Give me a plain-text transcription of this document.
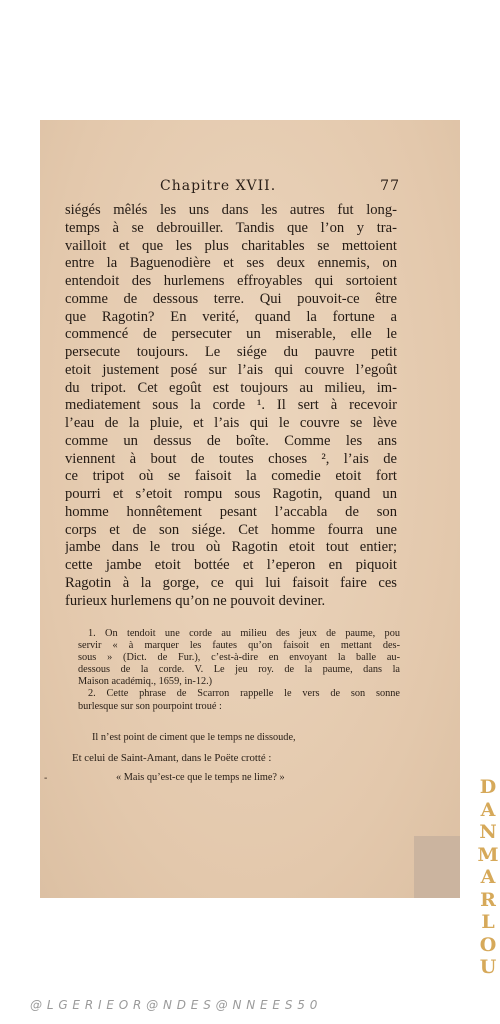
Chapitre XVII.	77
siégés mêlés les uns dans les autres fut long-
temps à se debrouiller. Tandis que l’on y tra-
vailloit et que les plus charitables se mettoient
entre la Baguenodière et ses deux ennemis, on
entendoit des hurlemens effroyables qui sortoient
comme de dessous terre. Qui pouvoit-ce être
que Ragotin? En verité, quand la fortune a
commencé de persecuter un miserable, elle le
persecute toujours. Le siége du pauvre petit
etoit justement posé sur l’ais qui couvre l’egoût
du tripot. Cet egoût est toujours au milieu, im-
mediatement sous la corde ¹. Il sert à recevoir
l’eau de la pluie, et l’ais qui le couvre se lève
comme un dessus de boîte. Comme les ans
viennent à bout de toutes choses ², l’ais de
ce tripot où se faisoit la comedie etoit fort
pourri et s’etoit rompu sous Ragotin, quand un
homme honnêtement pesant l’accabla de son
corps et de son siége. Cet homme fourra une
jambe dans le trou où Ragotin etoit tout entier;
cette jambe etoit bottée et l’eperon en piquoit
Ragotin à la gorge, ce qui lui faisoit faire ces
furieux hurlemens qu’on ne pouvoit deviner.
1. On tendoit une corde au milieu des jeux de paume, pou
servir « à marquer les fautes qu’on faisoit en mettant des-
sous » (Dict. de Fur.), c’est-à-dire en envoyant la balle au-
dessous de la corde. V. Le jeu roy. de la paume, dans la
Maison académiq., 1659, in-12.)
2. Cette phrase de Scarron rappelle le vers de son sonne
burlesque sur son pourpoint troué :
Il n’est point de ciment que le temps ne dissoude,
Et celui de Saint-Amant, dans le Poëte crotté :
« Mais qu’est-ce que le temps ne lime? »
-	D
A
N
M
A
R
L
O
U
@ L G E R I E O R @ N D E S @ N N E E S 5 0
